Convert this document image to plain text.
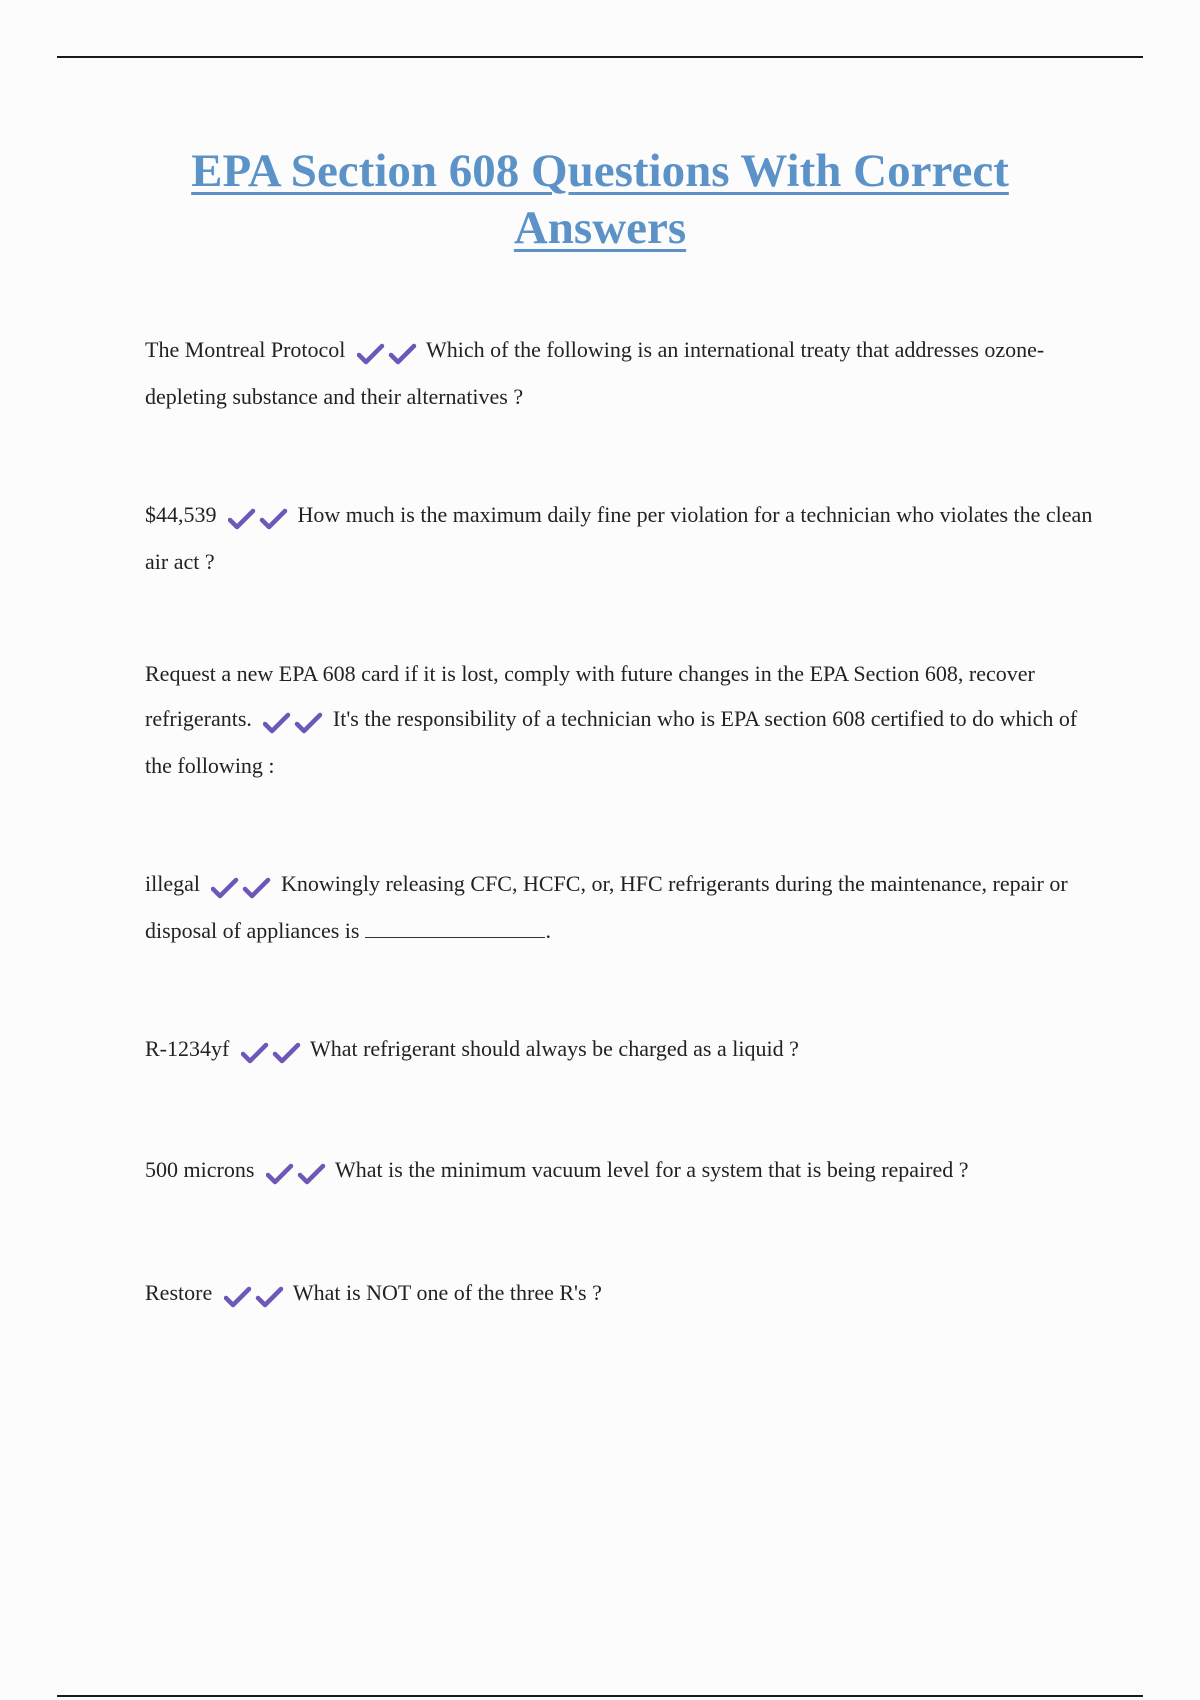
EPA Section 608 Questions With Correct
Answers

The Montreal Protocol	Which of the following is an international treaty that addresses ozone-depleting substance and their alternatives ?

$44,539	How much is the maximum daily fine per violation for a technician who violates the clean air act ?

Request a new EPA 608 card if it is lost, comply with future changes in the EPA Section 608, recover refrigerants.	It's the responsibility of a technician who is EPA section 608 certified to do which of the following :

illegal	Knowingly releasing CFC, HCFC, or, HFC refrigerants during the maintenance, repair or disposal of appliances is	.

R-1234yf	What refrigerant should always be charged as a liquid ?

500 microns	What is the minimum vacuum level for a system that is being repaired ?

Restore	What is NOT one of the three R's ?
